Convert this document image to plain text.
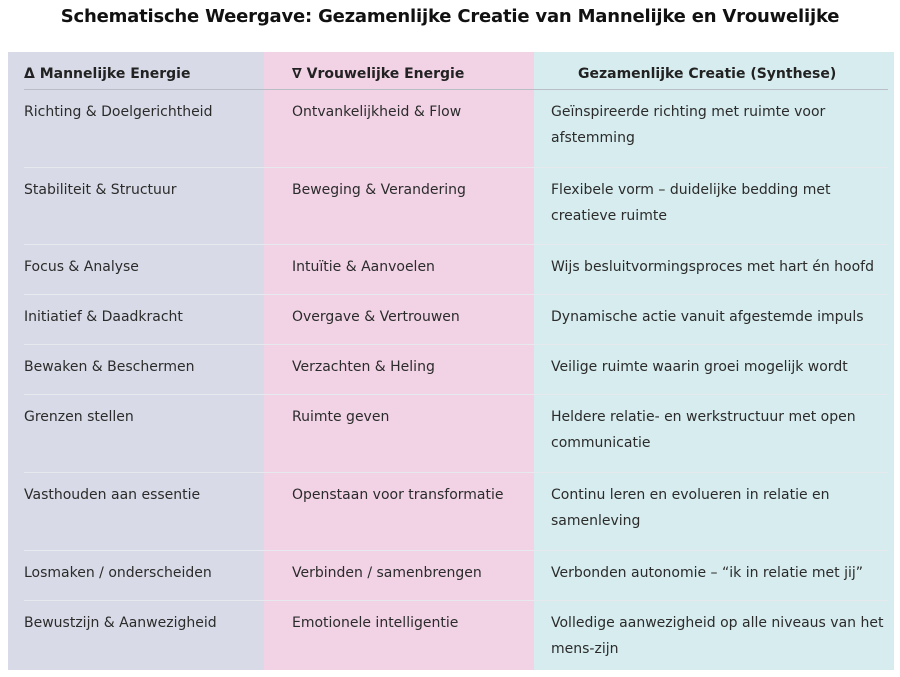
Schematische Weergave: Gezamenlijke Creatie van Mannelijke en Vrouwelijke
Δ Mannelijke Energie	∇ Vrouwelijke Energie	Gezamenlijke Creatie (Synthese)
Richting & Doelgerichtheid	Ontvankelijkheid & Flow	Geïnspireerde richting met ruimte voor afstemming
Stabiliteit & Structuur	Beweging & Verandering	Flexibele vorm – duidelijke bedding met creatieve ruimte
Focus & Analyse	Intuïtie & Aanvoelen	Wijs besluitvormingsproces met hart én hoofd
Initiatief & Daadkracht	Overgave & Vertrouwen	Dynamische actie vanuit afgestemde impuls
Bewaken & Beschermen	Verzachten & Heling	Veilige ruimte waarin groei mogelijk wordt
Grenzen stellen	Ruimte geven	Heldere relatie- en werkstructuur met open communicatie
Vasthouden aan essentie	Openstaan voor transformatie	Continu leren en evolueren in relatie en samenleving
Losmaken / onderscheiden	Verbinden / samenbrengen	Verbonden autonomie – “ik in relatie met jij”
Bewustzijn & Aanwezigheid	Emotionele intelligentie	Volledige aanwezigheid op alle niveaus van het mens-zijn
